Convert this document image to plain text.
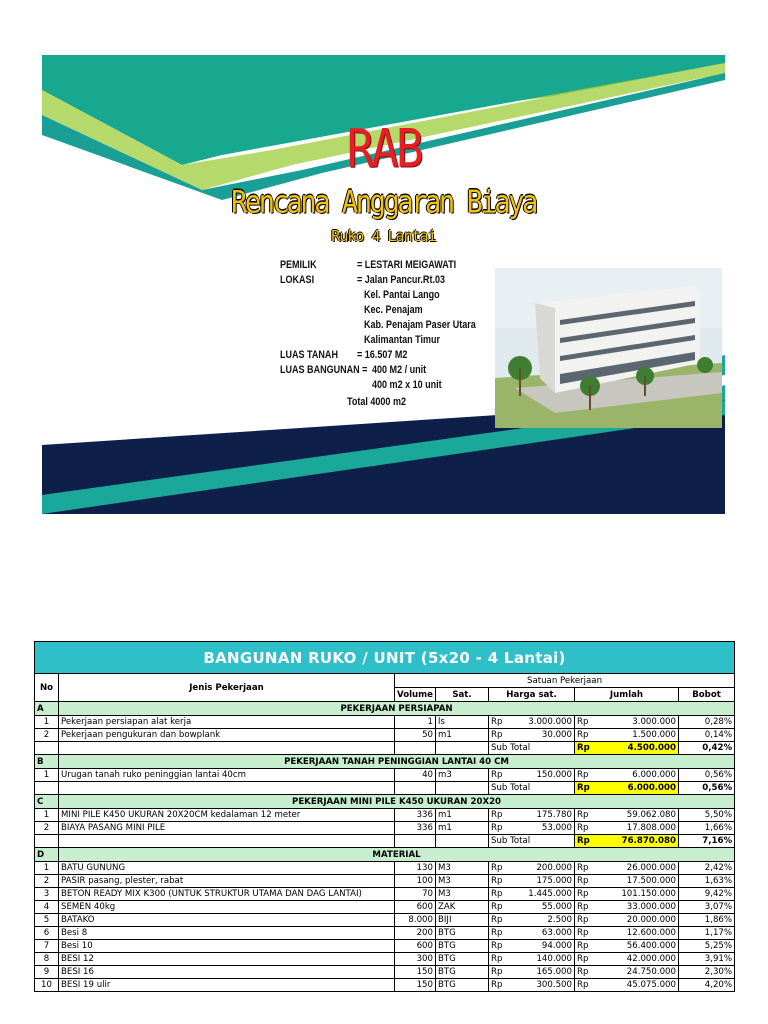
RAB
Rencana Anggaran Biaya
Ruko 4 Lantai
PEMILIK	= LESTARI MEIGAWATI
LOKASI	= Jalan Pancur.Rt.03
Kel. Pantai Lango
Kec. Penajam
Kab. Penajam Paser Utara
Kalimantan Timur
LUAS TANAH = 16.507 M2
LUAS BANGUNAN = 400 M2 / unit
400 m2 x 10 unit
Total 4000 m2
BANGUNAN RUKO / UNIT (5x20 - 4 Lantai)								
No	Jenis Pekerjaan	Satuan Pekerjaan						
		Volume	Sat.	Harga sat.		Jumlah		Bobot
A	PEKERJAAN PERSIAPAN							
1	Pekerjaan persiapan alat kerja	1	ls	Rp	3.000.000	Rp	3.000.000	0,28%
2	Pekerjaan pengukuran dan bowplank	50	m1	Rp	30.000	Rp	1.500.000	0,14%
				Sub Total		Rp	4.500.000	0,42%
B	PEKERJAAN TANAH PENINGGIAN LANTAI 40 CM							
1	Urugan tanah ruko peninggian lantai 40cm	40	m3	Rp	150.000	Rp	6.000.000	0,56%
				Sub Total		Rp	6.000.000	0,56%
C	PEKERJAAN MINI PILE K450 UKURAN 20X20							
1	MINI PILE K450 UKURAN 20X20CM kedalaman 12 meter	336	m1	Rp	175.780	Rp	59.062.080	5,50%
2	BIAYA PASANG MINI PILE	336	m1	Rp	53.000	Rp	17.808.000	1,66%
				Sub Total		Rp	76.870.080	7,16%
D	MATERIAL							
1	BATU GUNUNG	130	M3	Rp	200.000	Rp	26.000.000	2,42%
2	PASIR pasang, plester, rabat	100	M3	Rp	175.000	Rp	17.500.000	1,63%
3	BETON READY MIX K300 (UNTUK STRUKTUR UTAMA DAN DAG LANTAI)	70	M3	Rp	1.445.000	Rp	101.150.000	9,42%
4	SEMEN 40kg	600	ZAK	Rp	55.000	Rp	33.000.000	3,07%
5	BATAKO	8.000	BIJI	Rp	2.500	Rp	20.000.000	1,86%
6	Besi 8	200	BTG	Rp	63.000	Rp	12.600.000	1,17%
7	Besi 10	600	BTG	Rp	94.000	Rp	56.400.000	5,25%
8	BESI 12	300	BTG	Rp	140.000	Rp	42.000.000	3,91%
9	BESI 16	150	BTG	Rp	165.000	Rp	24.750.000	2,30%
10	BESI 19 ulir	150	BTG	Rp	300.500	Rp	45.075.000	4,20%
